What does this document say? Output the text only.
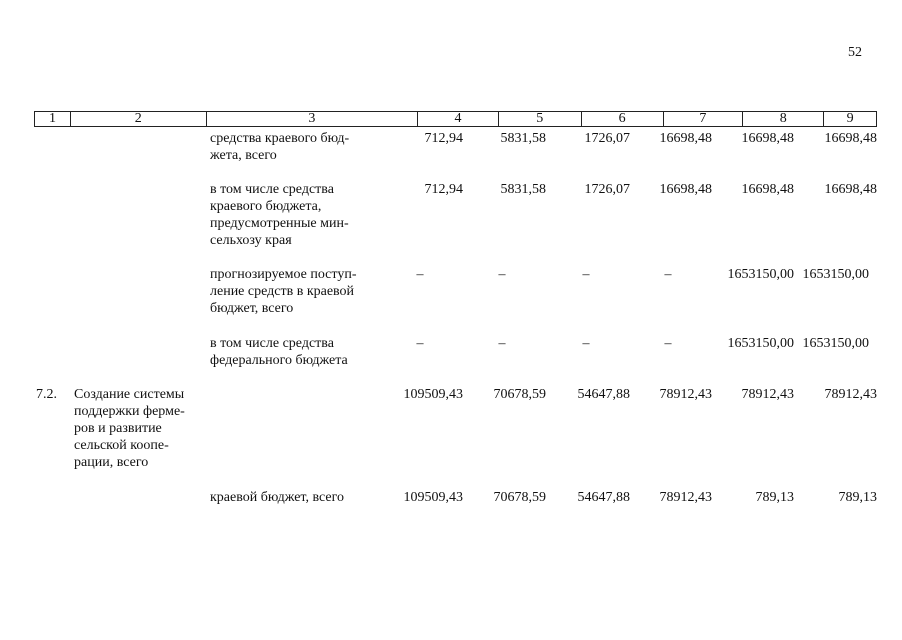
52
1	2	3	4	5	6	7	8	9
средства краевого бюд-
жета, всего
712,94	5831,58	1726,07 16698,48 16698,48 16698,48
в том числе средства
краевого бюджета,
предусмотренные мин-
сельхозу края
712,94	5831,58	1726,07 16698,48 16698,48 16698,48
прогнозируемое поступ-
ление средств в краевой
бюджет, всего
–	–	–	–	1653150,00 1653150,00
в том числе средства
федерального бюджета
–	–	–	–	1653150,00 1653150,00
7.2. Создание системы
поддержки ферме-
ров и развитие
сельской коопе-
рации, всего
109509,43 70678,59 54647,88 78912,43 78912,43 78912,43
краевой бюджет, всего	109509,43 70678,59 54647,88 78912,43	789,13	789,13
